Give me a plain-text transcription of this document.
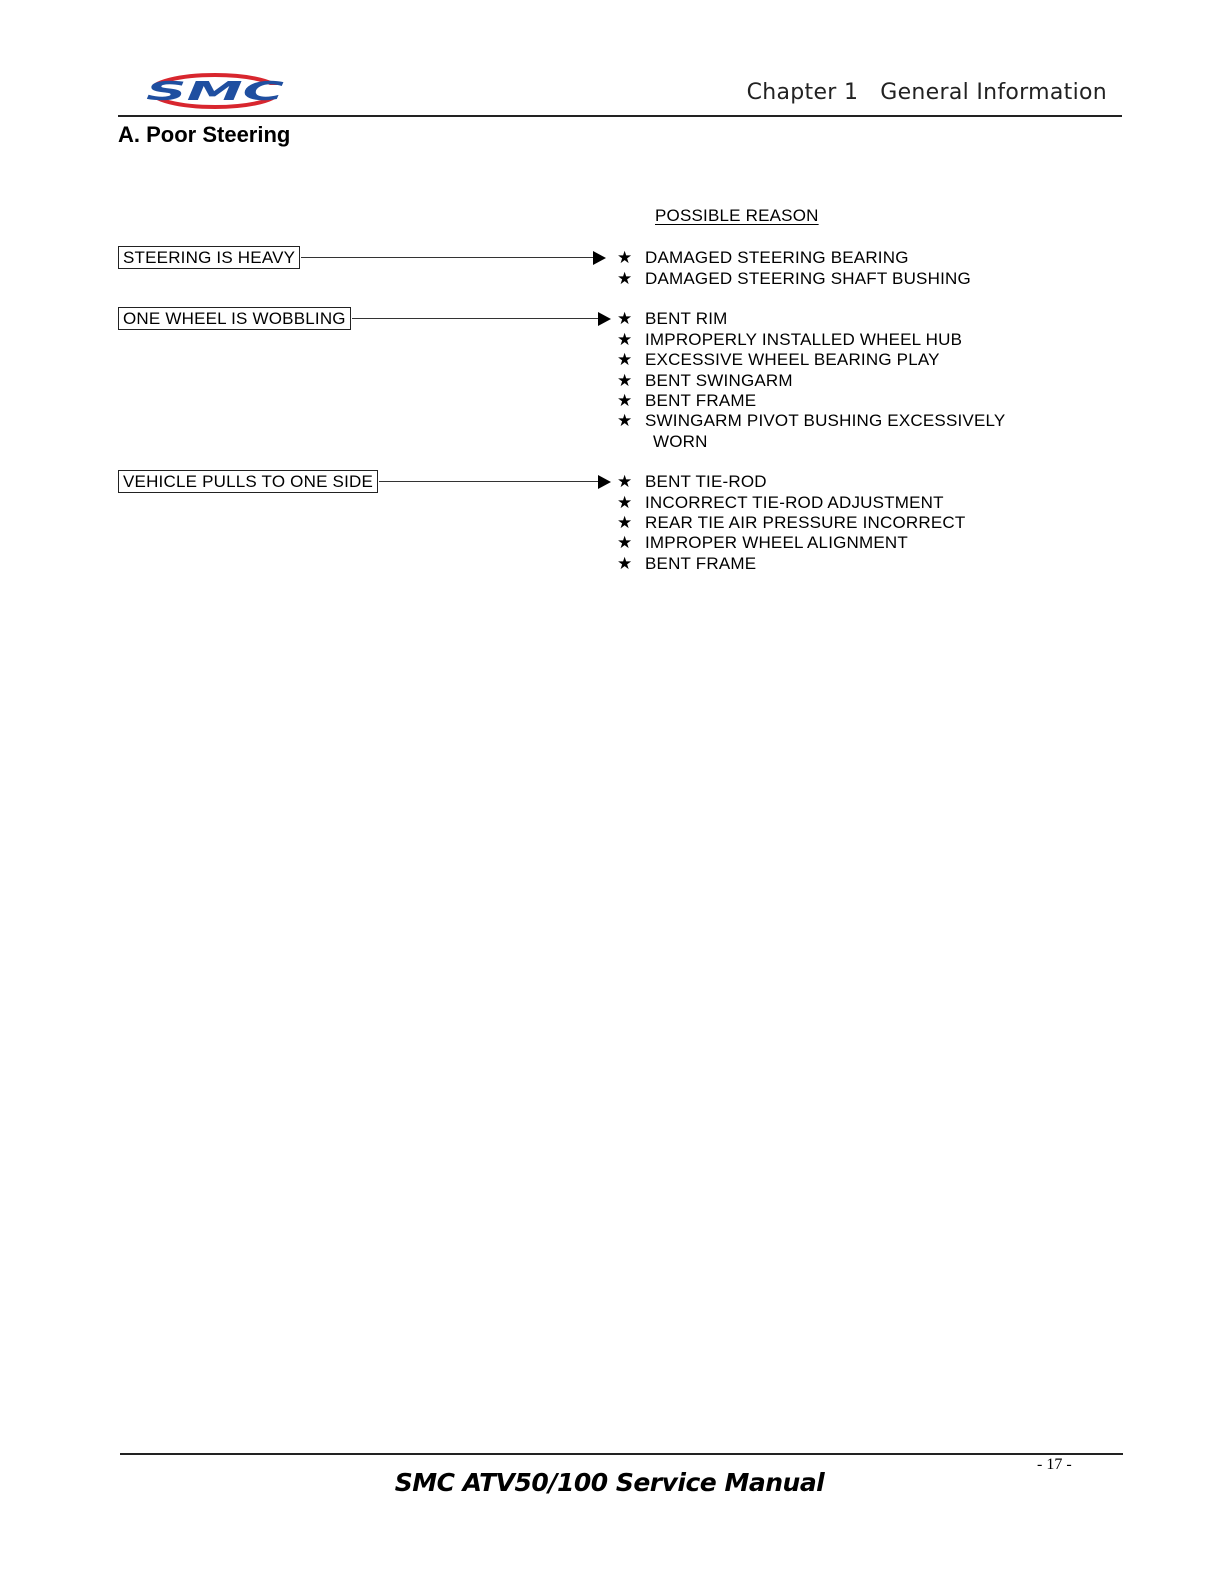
SMC	Chapter 1 General Information
A. Poor Steering
POSSIBLE REASON
STEERING IS HEAVY	★ DAMAGED STEERING BEARING
★ DAMAGED STEERING SHAFT BUSHING
ONE WHEEL IS WOBBLING	★ BENT RIM
★ IMPROPERLY INSTALLED WHEEL HUB
★ EXCESSIVE WHEEL BEARING PLAY
★ BENT SWINGARM
★ BENT FRAME
★ SWINGARM PIVOT BUSHING EXCESSIVELY
WORN
VEHICLE PULLS TO ONE SIDE	★ BENT TIE-ROD
★ INCORRECT TIE-ROD ADJUSTMENT
★ REAR TIE AIR PRESSURE INCORRECT
★ IMPROPER WHEEL ALIGNMENT
★ BENT FRAME
- 17 -
SMC ATV50/100 Service Manual
